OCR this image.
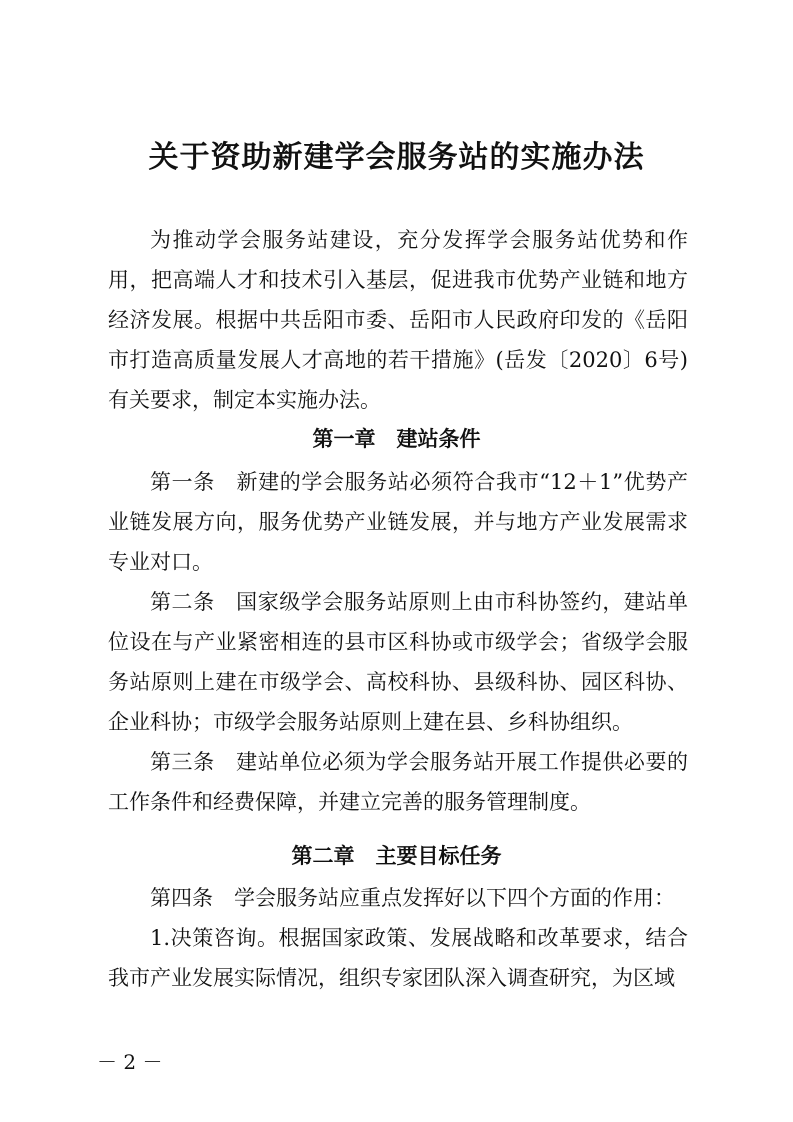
关于资助新建学会服务站的实施办法

为推动学会服务站建设，充分发挥学会服务站优势和作用，把高端人才和技术引入基层，促进我市优势产业链和地方经济发展。根据中共岳阳市委、岳阳市人民政府印发的《岳阳市打造高质量发展人才高地的若干措施》(岳发〔2020〕6号)有关要求，制定本实施办法。

第一章　建站条件

第一条　新建的学会服务站必须符合我市“12＋1”优势产业链发展方向，服务优势产业链发展，并与地方产业发展需求专业对口。

第二条　国家级学会服务站原则上由市科协签约，建站单位设在与产业紧密相连的县市区科协或市级学会；省级学会服务站原则上建在市级学会、高校科协、县级科协、园区科协、企业科协；市级学会服务站原则上建在县、乡科协组织。

第三条　建站单位必须为学会服务站开展工作提供必要的工作条件和经费保障，并建立完善的服务管理制度。

第二章　主要目标任务

第四条　学会服务站应重点发挥好以下四个方面的作用：

1.决策咨询。根据国家政策、发展战略和改革要求，结合我市产业发展实际情况，组织专家团队深入调查研究，为区域

－ 2 －
